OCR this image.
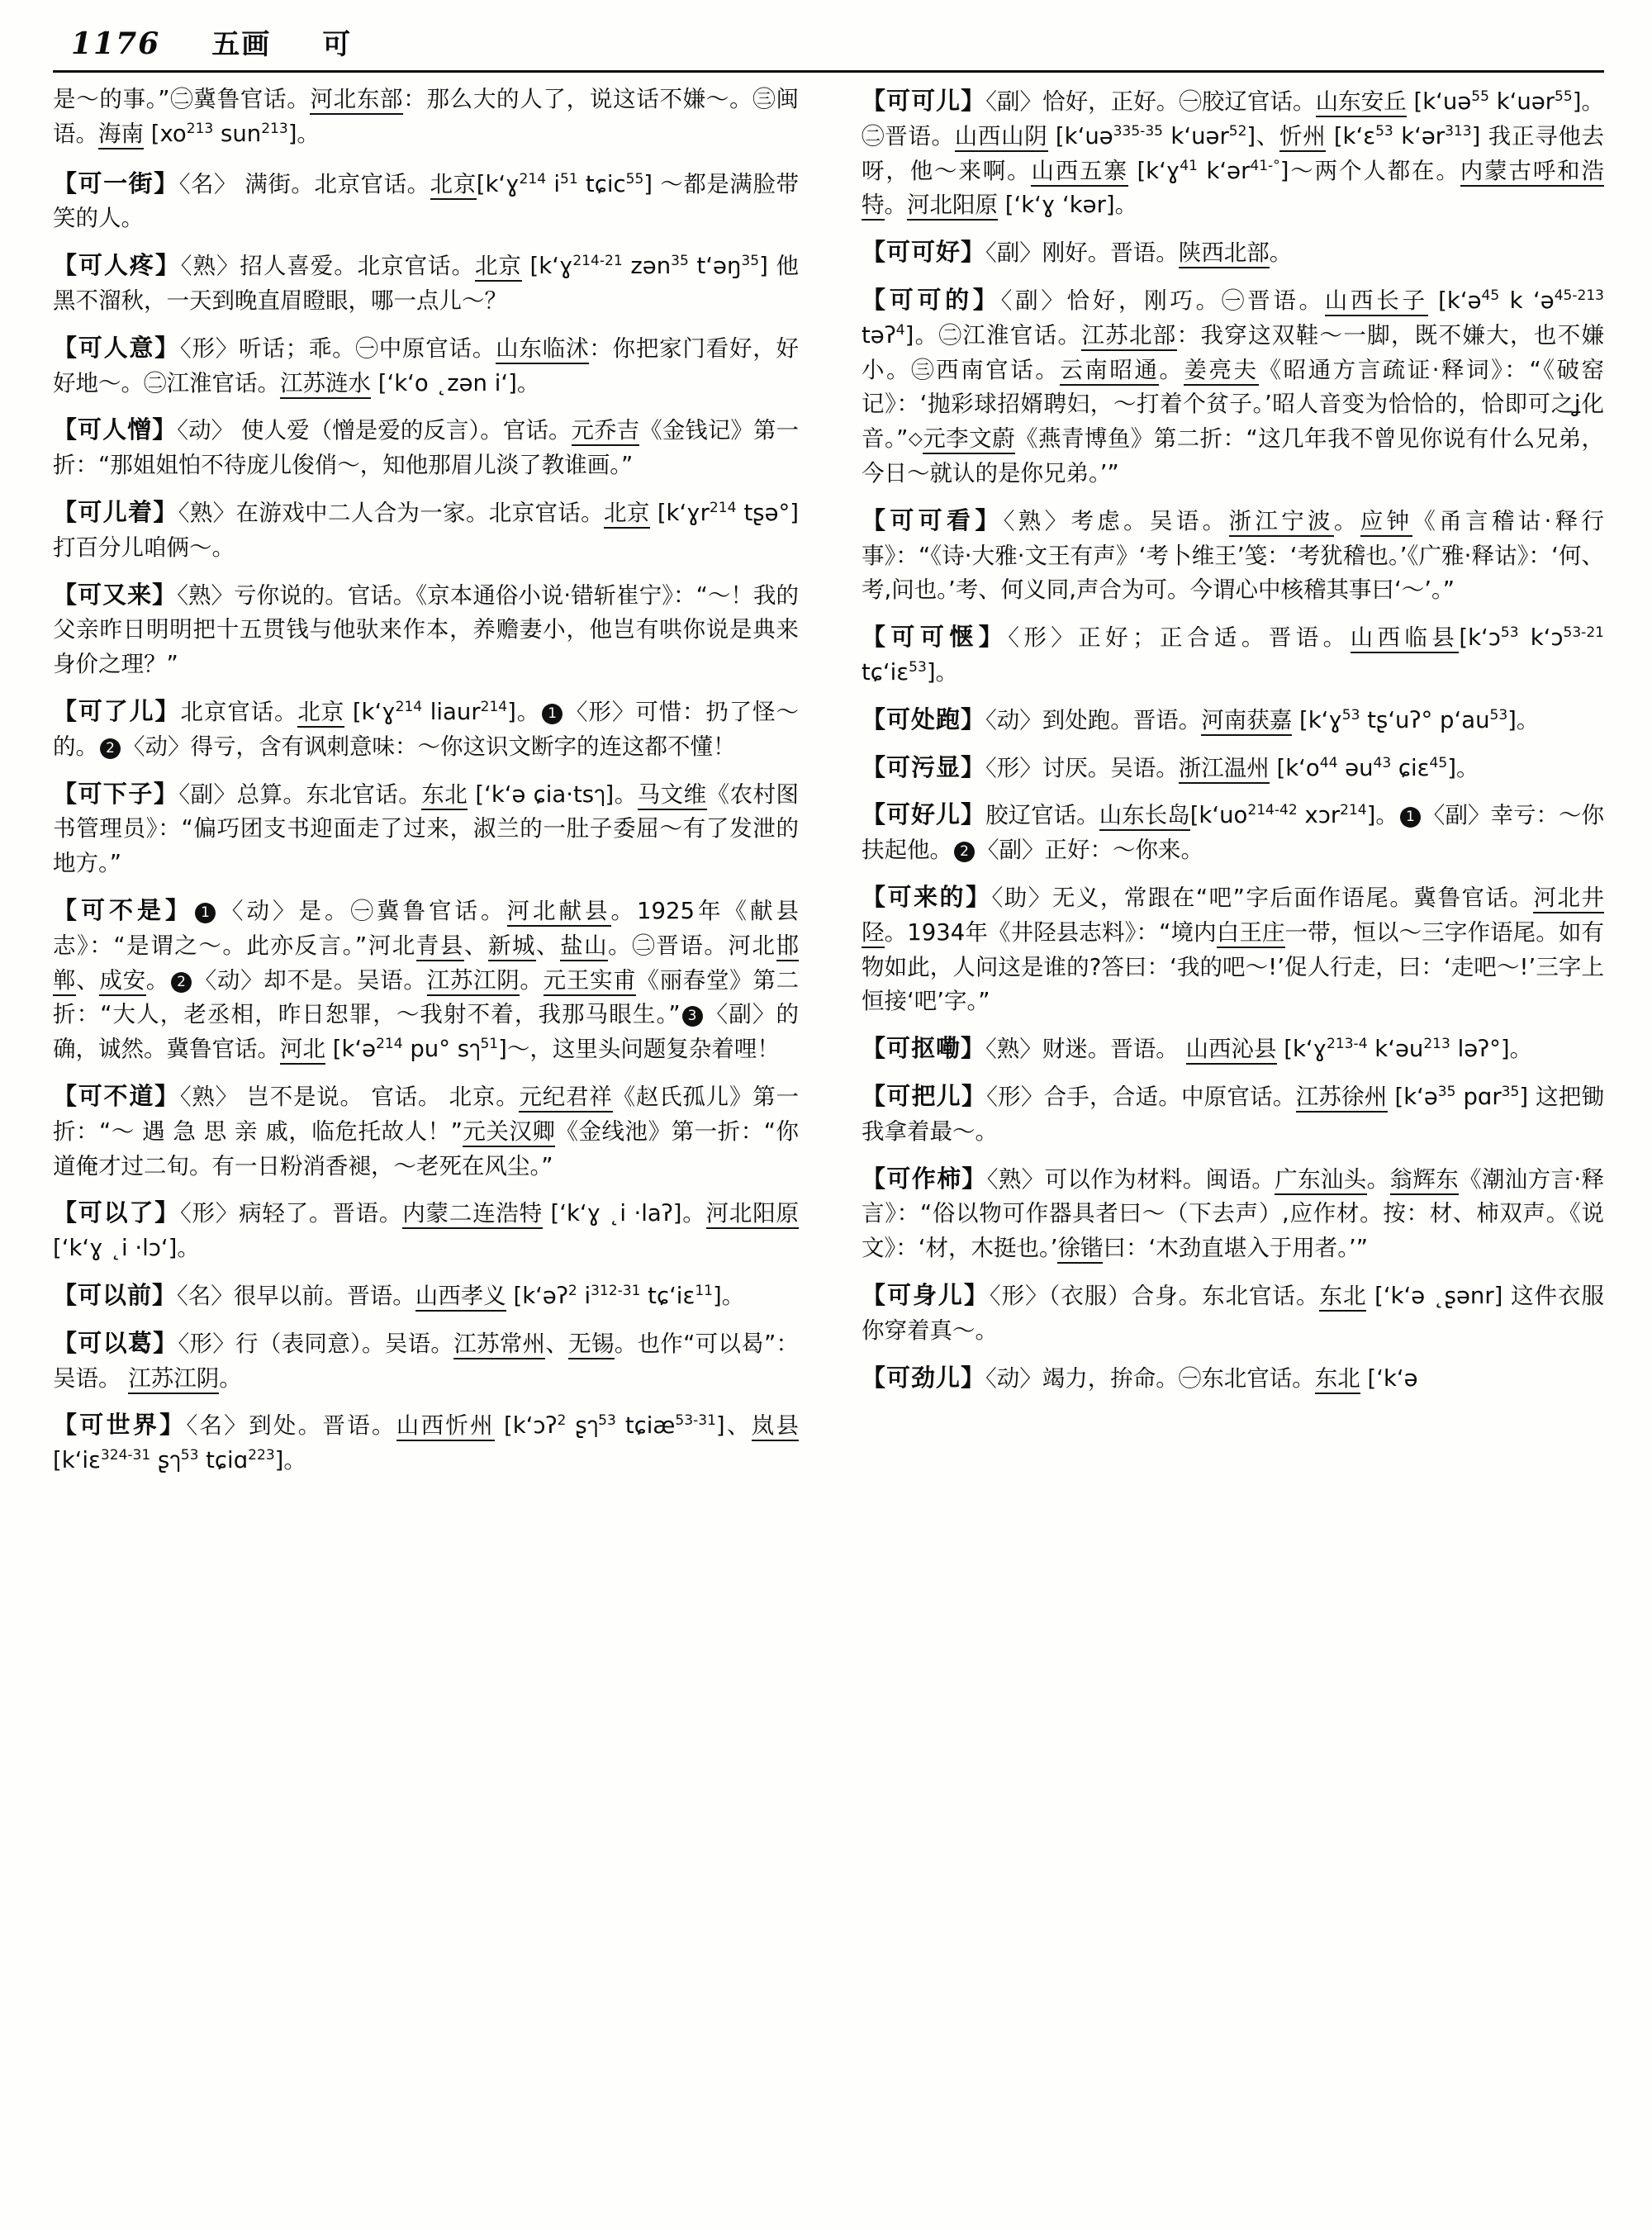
1176 五画 可
是～的事。”㊁冀鲁官话。河北东部：那么大的人了，说这话不嫌～。㊂闽语。海南 [$xo^{213}$ sun$^{213}$]。
【可一街】〈名〉 满街。北京官话。北京[k‘ɣ$^{214}$ $i^{51}$ tɕic$^{55}$] ～都是满脸带笑的人。
【可人疼】〈熟〉招人喜爱。北京官话。北京 [k‘ɣ$^{214-21}$ zən$^{35}$ t‘əŋ$^{35}$] 他黑不溜秋，一天到晚直眉瞪眼，哪一点儿～？
【可人意】〈形〉听话；乖。㊀中原官话。山东临沭：你把家门看好，好好地～。㊁江淮官话。江苏涟水 [‘k‘o ˛zən i‘]。
【可人憎】〈动〉 使人爱（憎是爱的反言）。官话。元乔吉《金钱记》第一折：“那姐姐怕不待庞儿俊俏～，知他那眉儿淡了教谁画。”
【可儿着】〈熟〉在游戏中二人合为一家。北京官话。北京 [k‘ɣr$^{214}$ tʂə°] 打百分儿咱俩～。
【可又来】〈熟〉亏你说的。官话。《京本通俗小说·错斩崔宁》：“～！我的父亲昨日明明把十五贯钱与他驮来作本，养赡妻小，他岂有哄你说是典来身价之理？”
【可了儿】北京官话。北京 [k‘ɣ$^{214}$ liaur$^{214}$]。 1 〈形〉可惜：扔了怪～的。 2 〈动〉得亏，含有讽刺意味：～你这识文断字的连这都不懂！
【可下子】〈副〉总算。东北官话。东北 [‘k‘ə ɕia·tsๅ]。马文维《农村图书管理员》：“偏巧团支书迎面走了过来，淑兰的一肚子委屈～有了发泄的地方。”
【可不是】 1 〈动〉是。㊀冀鲁官话。河北献县。1925年《献县志》：“是谓之～。此亦反言。”河北青县、新城、盐山。㊁晋语。河北邯郸、成安。 2 〈动〉却不是。吴语。江苏江阴。元王实甫《丽春堂》第二折：“大人，老丞相，昨日恕罪，～我射不着，我那马眼生。” 3 〈副〉的确，诚然。冀鲁官话。河北 [k‘ə$^{214}$ pu° sๅ$^{51}$]～，这里头问题复杂着哩！
【可不道】〈熟〉 岂不是说。 官话。 北京。元纪君祥《赵氏孤儿》第一折：“～ 遇 急 思 亲 戚，临危托故人！”元关汉卿《金线池》第一折：“你道俺才过二旬。有一日粉消香褪，～老死在风尘。”
【可以了】〈形〉病轻了。晋语。内蒙二连浩特 [‘k‘ɣ ˛i ·laʔ]。河北阳原 [‘k‘ɣ ˛i ·lɔ‘]。
【可以前】〈名〉很早以前。晋语。山西孝义 [k‘əʔ$^2$ $i^{312-31}$ tɕ‘iɛ$^{11}$]。
【可以葛】〈形〉行（表同意）。吴语。江苏常州、无锡。也作“可以曷”：吴语。 江苏江阴。
【可世界】〈名〉到处。晋语。山西忻州 [k‘ɔʔ$^2$ ʂๅ$^{53}$ tɕiæ$^{53-31}$]、岚县 [k‘iɛ$^{324-31}$ ʂๅ$^{53}$ tɕiɑ$^{223}$]。
【可可儿】〈副〉恰好，正好。㊀胶辽官话。山东安丘 [k‘uə$^{55}$ k‘uər$^{55}$]。㊁晋语。山西山阴 [k‘uə$^{335-35}$ k‘uər$^{52}$]、忻州 [k‘ɛ$^{53}$ k‘ər$^{313}$] 我正寻他去呀，他～来啊。山西五寨 [k‘ɣ$^{41}$ k‘ər$^{41-^\circ}$]～两个人都在。内蒙古呼和浩特。河北阳原 [‘k‘ɣ ‘kər]。
【可可好】〈副〉刚好。晋语。陕西北部。
【可可的】〈副〉恰好，刚巧。㊀晋语。山西长子 [k‘ə$^{45}$ k ‘ə$^{45-213}$ təʔ$^4$]。㊁江淮官话。江苏北部：我穿这双鞋～一脚，既不嫌大，也不嫌小。㊂西南官话。云南昭通。姜亮夫《昭通方言疏证·释词》：“《破窑记》：‘抛彩球招婿聘妇，～打着个贫子。’昭人音变为恰恰的，恰即可之ʝ化音。”◇元李文蔚《燕青博鱼》第二折：“这几年我不曾见你说有什么兄弟，今日～就认的是你兄弟。’”
【可可看】〈熟〉考虑。吴语。浙江宁波。应钟《甬言稽诂·释行事》：“《诗·大雅·文王有声》‘考卜维王’笺：‘考犹稽也。’《广雅·释诂》：‘何、考,问也。’考、何义同,声合为可。今谓心中核稽其事曰‘～’。”
【可可惬】〈形〉正好；正合适。晋语。山西临县[k‘ɔ$^{53}$ k‘ɔ$^{53-21}$ tɕ‘iɛ$^{53}$]。
【可处跑】〈动〉到处跑。晋语。河南获嘉 [k‘ɣ$^{53}$ tʂ‘uʔ° $p‘au^{53}$]。
【可污显】〈形〉讨厌。吴语。浙江温州 [$k‘o^{44}$ əu$^{43}$ ɕiɛ$^{45}$]。
【可好儿】胶辽官话。山东长岛[$k‘uo^{214-42}$ xɔr$^{214}$]。 1 〈副〉幸亏：～你扶起他。 2 〈副〉正好：～你来。
【可来的】〈助〉无义，常跟在“吧”字后面作语尾。冀鲁官话。河北井陉。1934年《井陉县志料》：“境内白王庄一带，恒以～三字作语尾。如有物如此，人问这是谁的?答曰：‘我的吧～!’促人行走，曰：‘走吧～!’三字上恒接‘吧’字。”
【可抠嘞】〈熟〉财迷。晋语。 山西沁县 [k‘ɣ$^{213-4}$ k‘əu$^{213}$ ləʔ°]。
【可把儿】〈形〉合手，合适。中原官话。江苏徐州 [k‘ə$^{35}$ pɑr$^{35}$] 这把锄我拿着最～。
【可作柿】〈熟〉可以作为材料。闽语。广东汕头。翁辉东《潮汕方言·释言》：“俗以物可作器具者曰～（下去声）,应作材。按：材、柿双声。《说文》：‘材，木挺也。’徐锴曰：‘木劲直堪入于用者。’”
【可身儿】〈形〉（衣服）合身。东北官话。东北 [‘k‘ə ˛ʂənr] 这件衣服你穿着真～。
【可劲儿】〈动〉竭力，拚命。㊀东北官话。东北 [‘k‘ə
